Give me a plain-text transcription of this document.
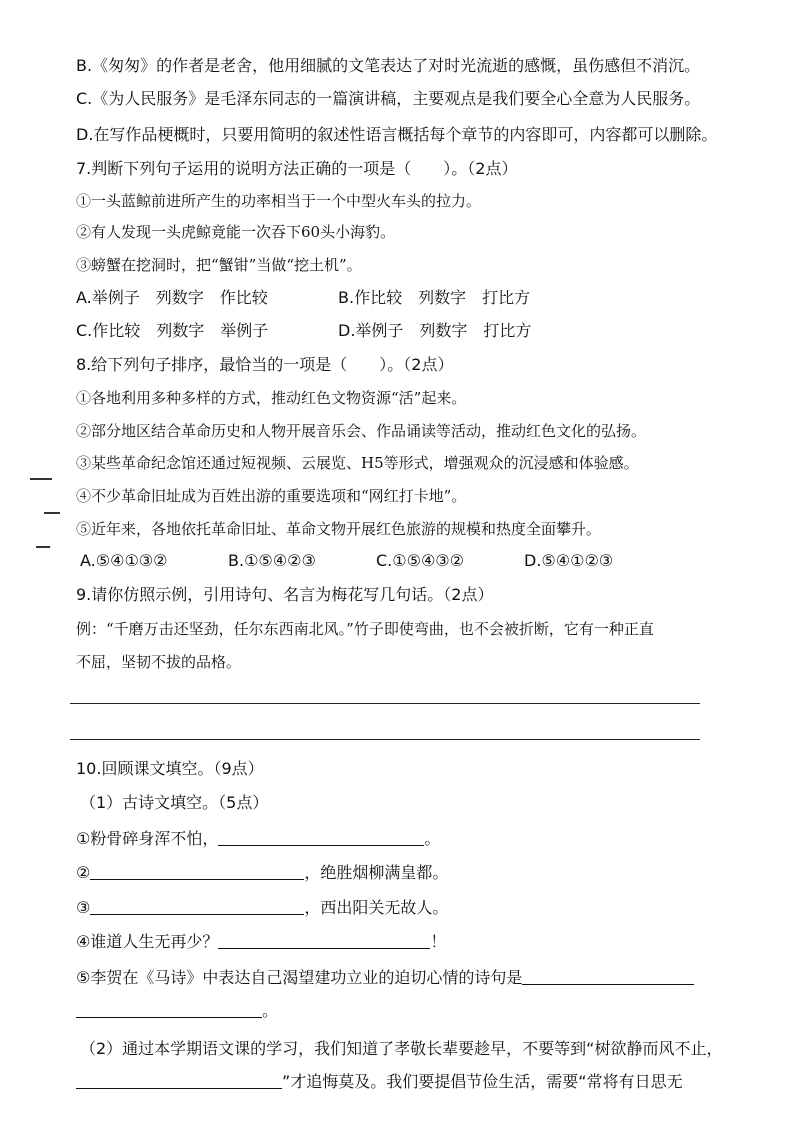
B.《匆匆》的作者是老舍，他用细腻的文笔表达了对时光流逝的感慨，虽伤感但不消沉。
C.《为人民服务》是毛泽东同志的一篇演讲稿，主要观点是我们要全心全意为人民服务。
D.在写作品梗概时，只要用简明的叙述性语言概括每个章节的内容即可，内容都可以删除。
7.判断下列句子运用的说明方法正确的一项是（　　）。（2点）
①一头蓝鲸前进所产生的功率相当于一个中型火车头的拉力。
②有人发现一头虎鲸竟能一次吞下60头小海豹。
③螃蟹在挖洞时，把“蟹钳”当做“挖土机”。
A.举例子　列数字　作比较	B.作比较　列数字　打比方
C.作比较　列数字　举例子	D.举例子　列数字　打比方
8.给下列句子排序，最恰当的一项是（　　）。（2点）
①各地利用多种多样的方式，推动红色文物资源“活”起来。
②部分地区结合革命历史和人物开展音乐会、作品诵读等活动，推动红色文化的弘扬。
③某些革命纪念馆还通过短视频、云展览、H5等形式，增强观众的沉浸感和体验感。
④不少革命旧址成为百姓出游的重要选项和“网红打卡地”。
⑤近年来，各地依托革命旧址、革命文物开展红色旅游的规模和热度全面攀升。
A.⑤④①③②	B.①⑤④②③	C.①⑤④③②	D.⑤④①②③
9.请你仿照示例，引用诗句、名言为梅花写几句话。（2点）
例：“千磨万击还坚劲，任尔东西南北风。”竹子即使弯曲，也不会被折断，它有一种正直
不屈，坚韧不拔的品格。
10.回顾课文填空。（9点）
（1）古诗文填空。（5点）
①粉骨碎身浑不怕，	。
②	，绝胜烟柳满皇都。
③	，西出阳关无故人。
④谁道人生无再少？	！
⑤李贺在《马诗》中表达自己渴望建功立业的迫切心情的诗句是
。
（2）通过本学期语文课的学习，我们知道了孝敬长辈要趁早，不要等到“树欲静而风不止，
”才追悔莫及。我们要提倡节俭生活，需要“常将有日思无
